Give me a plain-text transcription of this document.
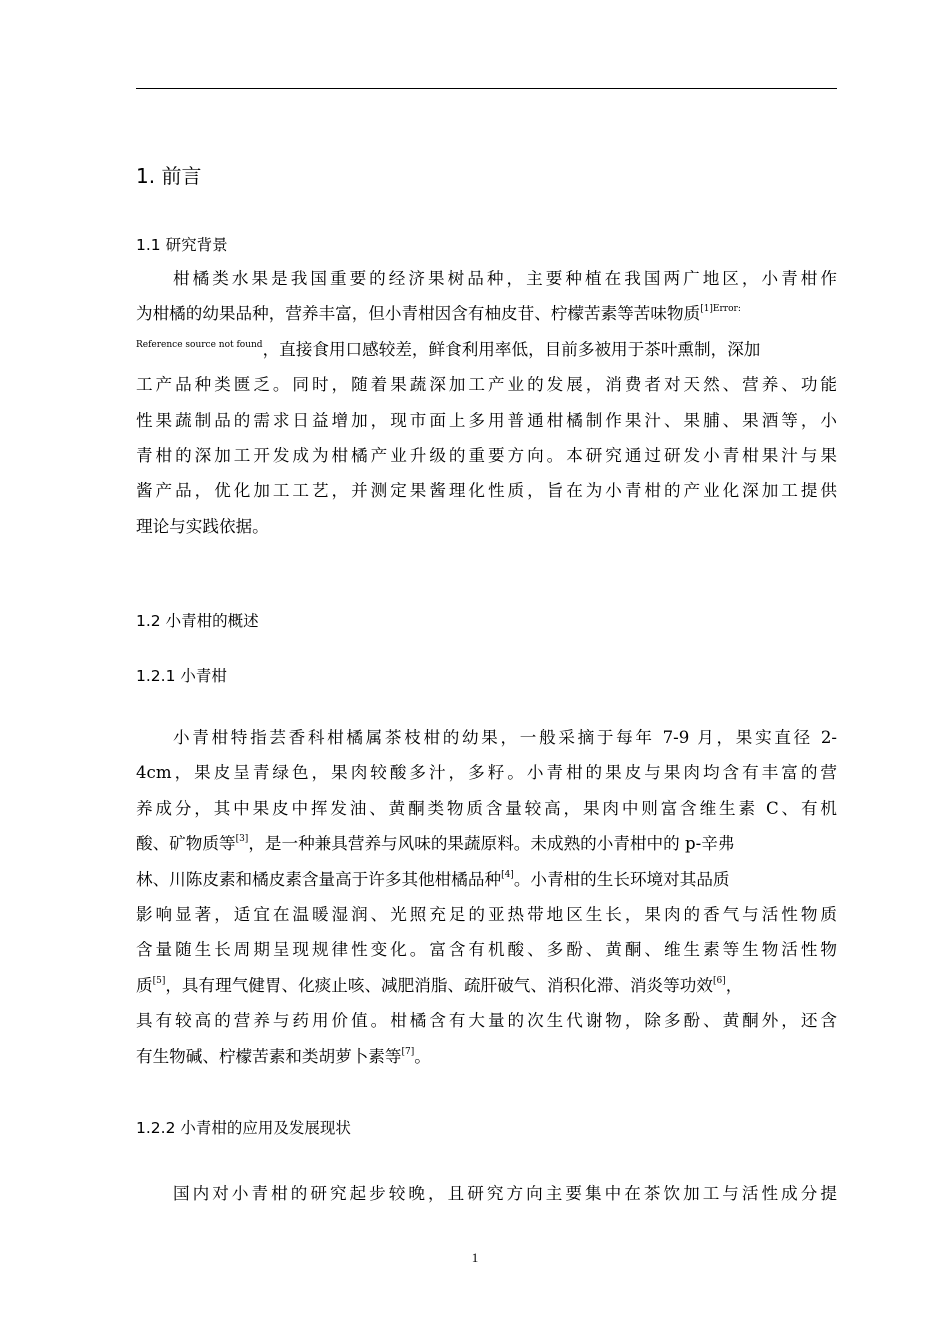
1. 前言
1.1 研究背景
柑橘类水果是我国重要的经济果树品种，主要种植在我国两广地区，小青柑作
为柑橘的幼果品种，营养丰富，但小青柑因含有柚皮苷、柠檬苦素等苦味物质$^{[1]Error:}$
$^{Reference source not found}$，直接食用口感较差，鲜食利用率低，目前多被用于茶叶熏制，深加
工产品种类匮乏。同时，随着果蔬深加工产业的发展，消费者对天然、营养、功能
性果蔬制品的需求日益增加，现市面上多用普通柑橘制作果汁、果脯、果酒等，小
青柑的深加工开发成为柑橘产业升级的重要方向。本研究通过研发小青柑果汁与果
酱产品，优化加工工艺，并测定果酱理化性质，旨在为小青柑的产业化深加工提供
理论与实践依据。
1.2 小青柑的概述
1.2.1 小青柑
小青柑特指芸香科柑橘属茶枝柑的幼果，一般采摘于每年 7-9 月，果实直径 2-
4cm，果皮呈青绿色，果肉较酸多汁，多籽。小青柑的果皮与果肉均含有丰富的营
养成分，其中果皮中挥发油、黄酮类物质含量较高，果肉中则富含维生素 C、有机
酸、矿物质等[3]，是一种兼具营养与风味的果蔬原料。未成熟的小青柑中的 p-辛弗
林、川陈皮素和橘皮素含量高于许多其他柑橘品种[4]。小青柑的生长环境对其品质
影响显著，适宜在温暖湿润、光照充足的亚热带地区生长，果肉的香气与活性物质
含量随生长周期呈现规律性变化。富含有机酸、多酚、黄酮、维生素等生物活性物
质[5]，具有理气健胃、化痰止咳、减肥消脂、疏肝破气、消积化滞、消炎等功效[6]，
具有较高的营养与药用价值。柑橘含有大量的次生代谢物，除多酚、黄酮外，还含
有生物碱、柠檬苦素和类胡萝卜素等[7]。
1.2.2 小青柑的应用及发展现状
国内对小青柑的研究起步较晚，且研究方向主要集中在茶饮加工与活性成分提
1
